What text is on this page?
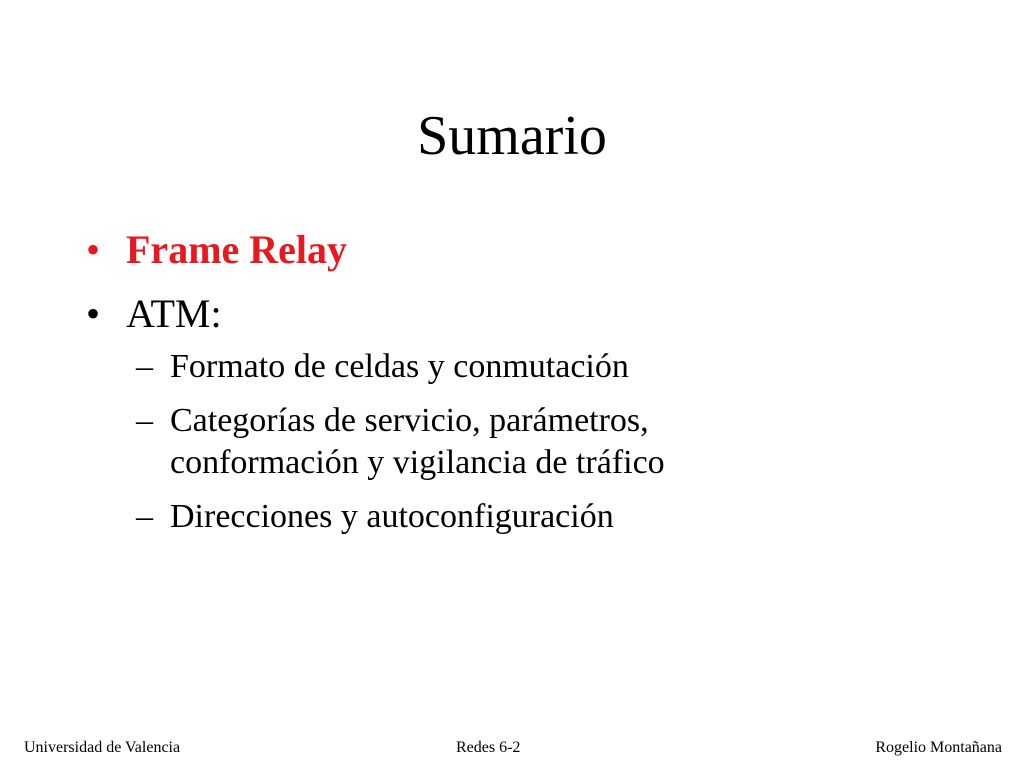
Sumario
• Frame Relay
• ATM:
– Formato de celdas y conmutación
– Categorías de servicio, parámetros,
conformación y vigilancia de tráfico
– Direcciones y autoconfiguración
Universidad de Valencia	Redes 6-2	Rogelio Montañana
